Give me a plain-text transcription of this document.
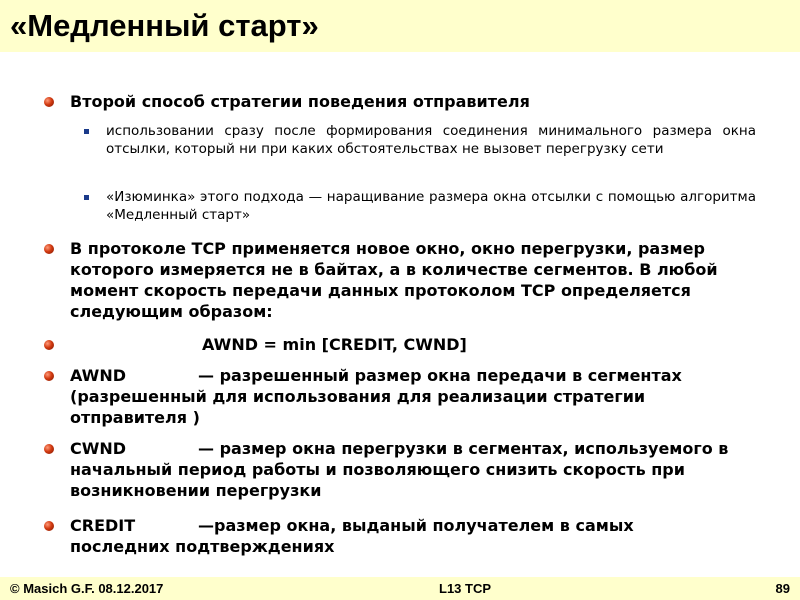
«Медленный старт»
Второй способ стратегии поведения отправителя
использовании сразу после формирования соединения минимального размера окна отсылки, который ни при каких обстоятельствах не вызовет перегрузку сети
«Изюминка» этого подхода — наращивание размера окна отсылки с помощью алгоритма «Медленный старт»
В протоколе TCP применяется новое окно, окно перегрузки, размер которого измеряется не в байтах, а в количестве сегментов. В любой момент скорость передачи данных протоколом TCP определяется следующим образом:
AWND = min [CREDIT, CWND]
AWND	— разрешенный размер окна передачи в сегментах (разрешенный для использования для реализации стратегии отправителя )
CWND	— размер окна перегрузки в сегментах, используемого в начальный период работы и позволяющего снизить скорость при возникновении перегрузки
CREDIT	—размер окна, выданый получателем в самых последних подтверждениях
© Masich G.F. 08.12.2017	L13 TCP	89
